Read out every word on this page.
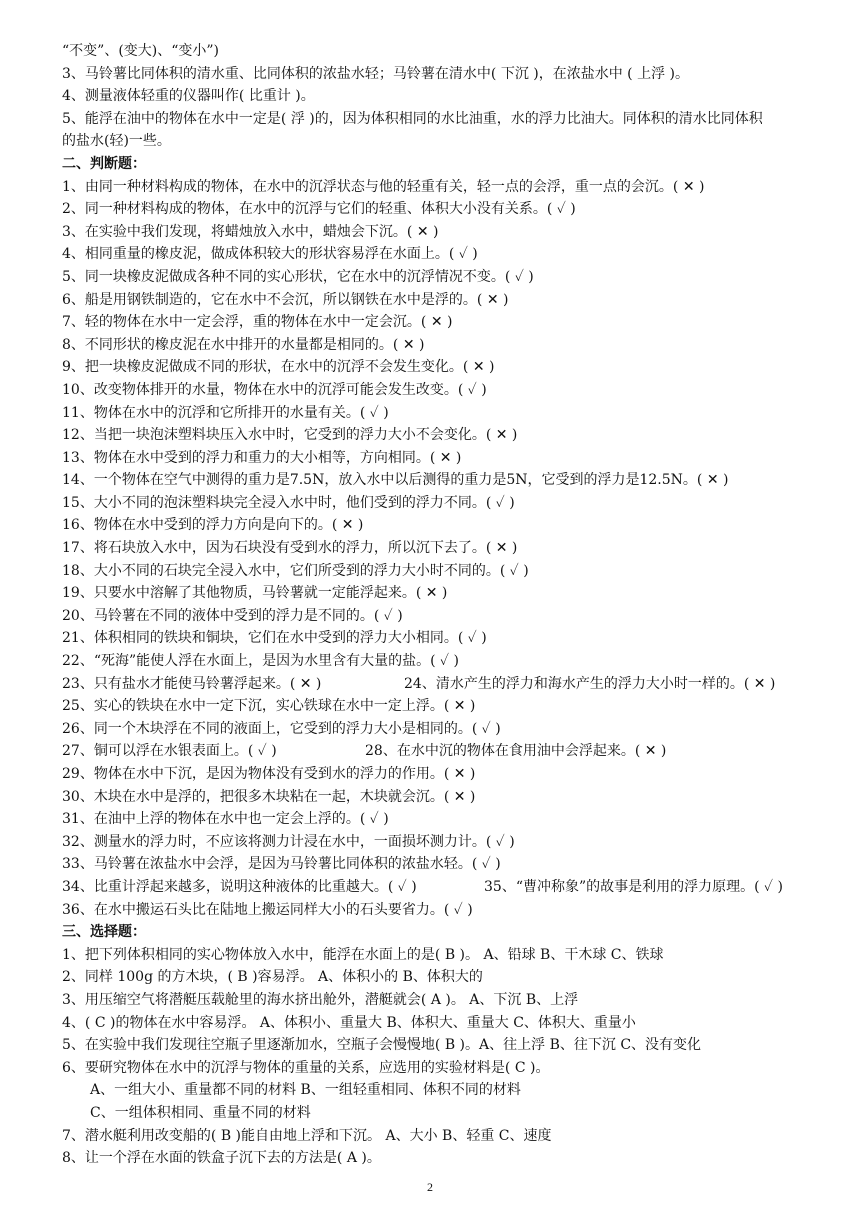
“不变”、(变大)、“变小”)
3、马铃薯比同体积的清水重、比同体积的浓盐水轻；马铃薯在清水中( 下沉 )，在浓盐水中 ( 上浮 )。
4、测量液体轻重的仪器叫作( 比重计 )。
5、能浮在油中的物体在水中一定是( 浮 )的，因为体积相同的水比油重，水的浮力比油大。同体积的清水比同体积
的盐水(轻)一些。
二、判断题：
1、由同一种材料构成的物体，在水中的沉浮状态与他的轻重有关，轻一点的会浮，重一点的会沉。( ✕ )
2、同一种材料构成的物体，在水中的沉浮与它们的轻重、体积大小没有关系。( ✓ )
3、在实验中我们发现，将蜡烛放入水中，蜡烛会下沉。( ✕ )
4、相同重量的橡皮泥，做成体积较大的形状容易浮在水面上。( ✓ )
5、同一块橡皮泥做成各种不同的实心形状，它在水中的沉浮情况不变。( ✓ )
6、船是用钢铁制造的，它在水中不会沉，所以钢铁在水中是浮的。( ✕ )
7、轻的物体在水中一定会浮，重的物体在水中一定会沉。( ✕ )
8、不同形状的橡皮泥在水中排开的水量都是相同的。( ✕ )
9、把一块橡皮泥做成不同的形状，在水中的沉浮不会发生变化。( ✕ )
10、改变物体排开的水量，物体在水中的沉浮可能会发生改变。( ✓ )
11、物体在水中的沉浮和它所排开的水量有关。( ✓ )
12、当把一块泡沫塑料块压入水中时，它受到的浮力大小不会变化。( ✕ )
13、物体在水中受到的浮力和重力的大小相等，方向相同。( ✕ )
14、一个物体在空气中测得的重力是7.5N，放入水中以后测得的重力是5N，它受到的浮力是12.5N。( ✕ )
15、大小不同的泡沫塑料块完全浸入水中时，他们受到的浮力不同。( ✓ )
16、物体在水中受到的浮力方向是向下的。( ✕ )
17、将石块放入水中，因为石块没有受到水的浮力，所以沉下去了。( ✕ )
18、大小不同的石块完全浸入水中，它们所受到的浮力大小时不同的。( ✓ )
19、只要水中溶解了其他物质，马铃薯就一定能浮起来。( ✕ )
20、马铃薯在不同的液体中受到的浮力是不同的。( ✓ )
21、体积相同的铁块和铜块，它们在水中受到的浮力大小相同。( ✓ )
22、“死海”能使人浮在水面上，是因为水里含有大量的盐。( ✓ )
23、只有盐水才能使马铃薯浮起来。( ✕ )	24、清水产生的浮力和海水产生的浮力大小时一样的。( ✕ )
25、实心的铁块在水中一定下沉，实心铁球在水中一定上浮。( ✕ )
26、同一个木块浮在不同的液面上，它受到的浮力大小是相同的。( ✓ )
27、铜可以浮在水银表面上。( ✓ )	28、在水中沉的物体在食用油中会浮起来。( ✕ )
29、物体在水中下沉，是因为物体没有受到水的浮力的作用。( ✕ )
30、木块在水中是浮的，把很多木块粘在一起，木块就会沉。( ✕ )
31、在油中上浮的物体在水中也一定会上浮的。( ✓ )
32、测量水的浮力时，不应该将测力计浸在水中，一面损坏测力计。( ✓ )
33、马铃薯在浓盐水中会浮，是因为马铃薯比同体积的浓盐水轻。( ✓ )
34、比重计浮起来越多，说明这种液体的比重越大。( ✓ )	35、“曹冲称象”的故事是利用的浮力原理。( ✓ )
36、在水中搬运石头比在陆地上搬运同样大小的石头要省力。( ✓ )
三、选择题：
1、把下列体积相同的实心物体放入水中，能浮在水面上的是( B )。 A、铅球 B、干木球 C、铁球
2、同样 100g 的方木块，( B )容易浮。 A、体积小的 B、体积大的
3、用压缩空气将潜艇压载舱里的海水挤出舱外，潜艇就会( A )。 A、下沉 B、上浮
4、( C )的物体在水中容易浮。 A、体积小、重量大 B、体积大、重量大 C、体积大、重量小
5、在实验中我们发现往空瓶子里逐渐加水，空瓶子会慢慢地( B )。A、往上浮 B、往下沉 C、没有变化
6、要研究物体在水中的沉浮与物体的重量的关系，应选用的实验材料是( C )。
A、一组大小、重量都不同的材料 B、一组轻重相同、体积不同的材料
C、一组体积相同、重量不同的材料
7、潜水艇利用改变船的( B )能自由地上浮和下沉。 A、大小 B、轻重 C、速度
8、让一个浮在水面的铁盒子沉下去的方法是( A )。
2
